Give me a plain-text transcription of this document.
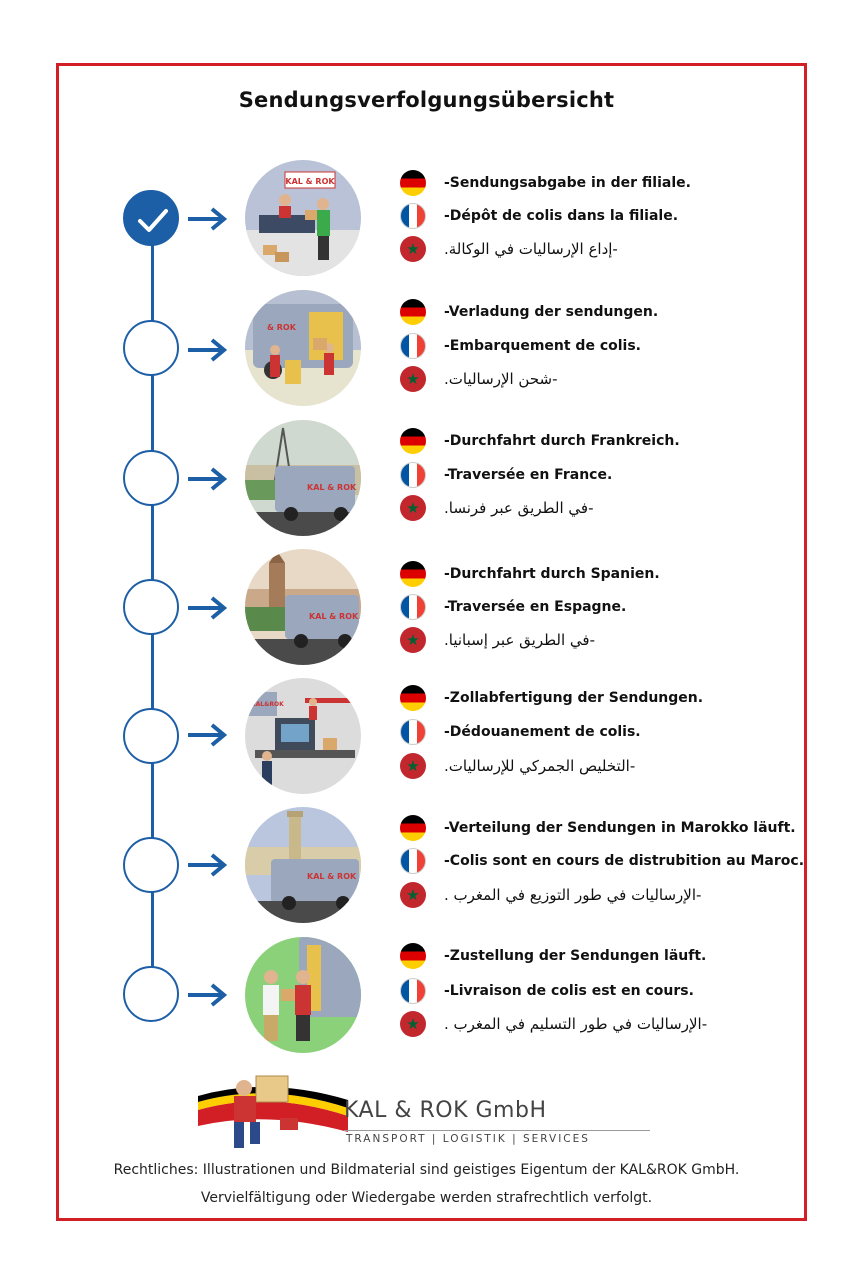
Sendungsverfolgungsübersicht
KAL & ROK	-Sendungsabgabe in der filiale.
-Dépôt de colis dans la filiale.
★	-إداع الإرساليات في الوكالة.
& ROK
-Verladung der sendungen.
-Embarquement de colis.
★	-شحن الإرساليات.
KAL & ROK
-Durchfahrt durch Frankreich.
-Traversée en France.
★	-في الطريق عبر فرنسا.
KAL & ROK
-Durchfahrt durch Spanien.
-Traversée en Espagne.
★	-في الطريق عبر إسبانيا.
KAL&ROK	-Zollabfertigung der Sendungen.
-Dédouanement de colis.
★	-التخليص الجمركي للإرساليات.
KAL & ROK
-Verteilung der Sendungen in Marokko läuft.
-Colis sont en cours de distrubition au Maroc.
★	-الإرساليات في طور التوزيع في المغرب .
-Zustellung der Sendungen läuft.
-Livraison de colis est en cours.
★	-الإرساليات في طور التسليم في المغرب .
KAL & ROK GmbH
TRANSPORT | LOGISTIK | SERVICES
Rechtliches: Illustrationen und Bildmaterial sind geistiges Eigentum der KAL&ROK GmbH.
Vervielfältigung oder Wiedergabe werden strafrechtlich verfolgt.
